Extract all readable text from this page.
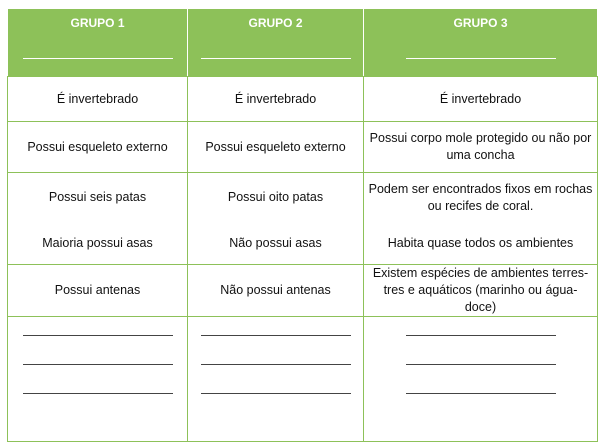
GRUPO 1	GRUPO 2	GRUPO 3

É invertebrado	É invertebrado	É invertebrado
Possui esqueleto externo	Possui esqueleto externo	Possui corpo mole protegido ou não por uma concha
Possui seis patas	Possui oito patas	Podem ser encontrados fixos em rochas ou recifes de coral.
Maioria possui asas	Não possui asas	Habita quase todos os ambientes
Possui antenas	Não possui antenas	Existem espécies de ambientes terres-tres e aquáticos (marinho ou água-doce)
